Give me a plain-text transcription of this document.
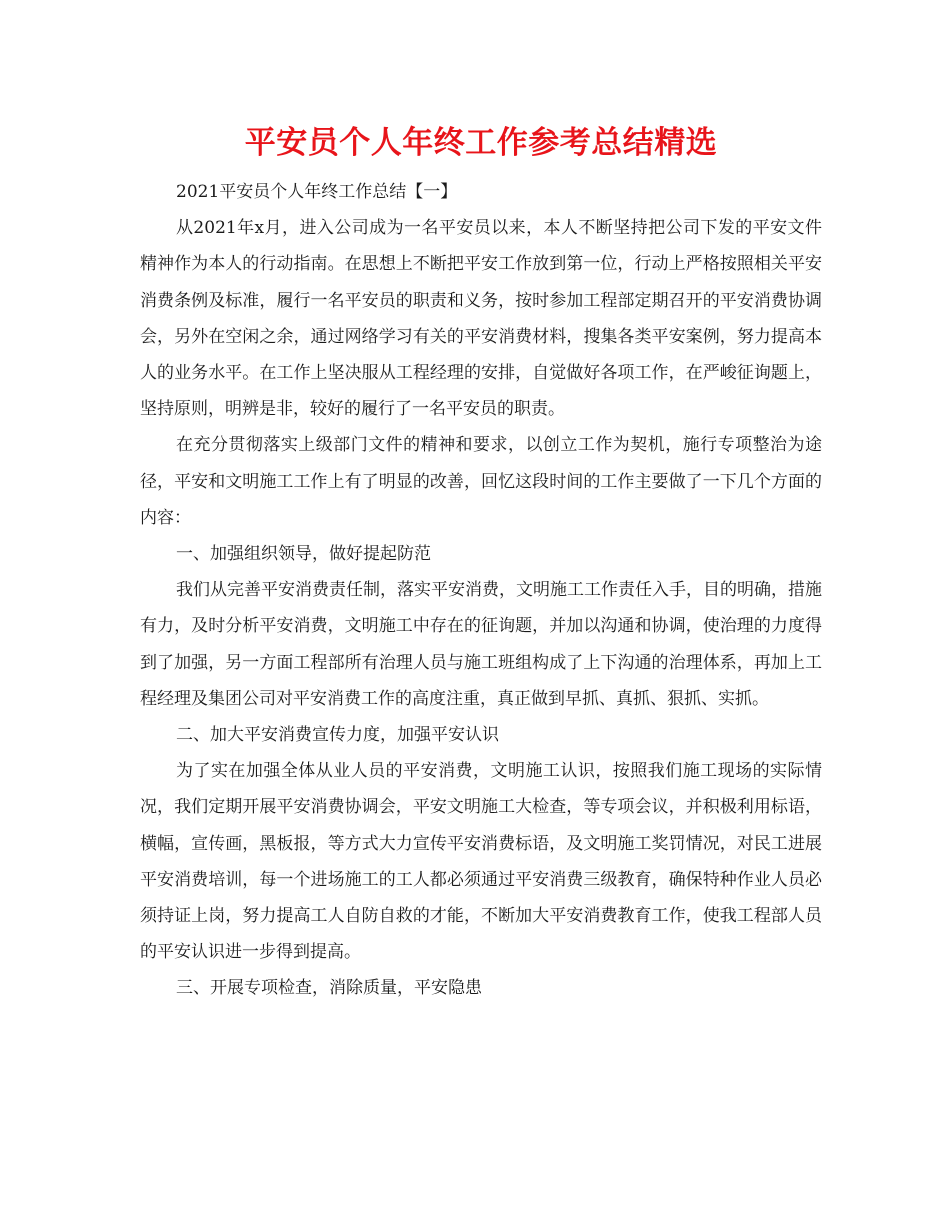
平安员个人年终工作参考总结精选

2021平安员个人年终工作总结【一】

从2021年x月，进入公司成为一名平安员以来，本人不断坚持把公司下发的平安文件精神作为本人的行动指南。在思想上不断把平安工作放到第一位，行动上严格按照相关平安消费条例及标准，履行一名平安员的职责和义务，按时参加工程部定期召开的平安消费协调会，另外在空闲之余，通过网络学习有关的平安消费材料，搜集各类平安案例，努力提高本人的业务水平。在工作上坚决服从工程经理的安排，自觉做好各项工作，在严峻征询题上，坚持原则，明辨是非，较好的履行了一名平安员的职责。

在充分贯彻落实上级部门文件的精神和要求，以创立工作为契机，施行专项整治为途径，平安和文明施工工作上有了明显的改善，回忆这段时间的工作主要做了一下几个方面的内容：

一、加强组织领导，做好提起防范

我们从完善平安消费责任制，落实平安消费，文明施工工作责任入手，目的明确，措施有力，及时分析平安消费，文明施工中存在的征询题，并加以沟通和协调，使治理的力度得到了加强，另一方面工程部所有治理人员与施工班组构成了上下沟通的治理体系，再加上工程经理及集团公司对平安消费工作的高度注重，真正做到早抓、真抓、狠抓、实抓。

二、加大平安消费宣传力度，加强平安认识

为了实在加强全体从业人员的平安消费，文明施工认识，按照我们施工现场的实际情况，我们定期开展平安消费协调会，平安文明施工大检查，等专项会议，并积极利用标语，横幅，宣传画，黑板报，等方式大力宣传平安消费标语，及文明施工奖罚情况，对民工进展平安消费培训，每一个进场施工的工人都必须通过平安消费三级教育，确保特种作业人员必须持证上岗，努力提高工人自防自救的才能，不断加大平安消费教育工作，使我工程部人员的平安认识进一步得到提高。

三、开展专项检查，消除质量，平安隐患
